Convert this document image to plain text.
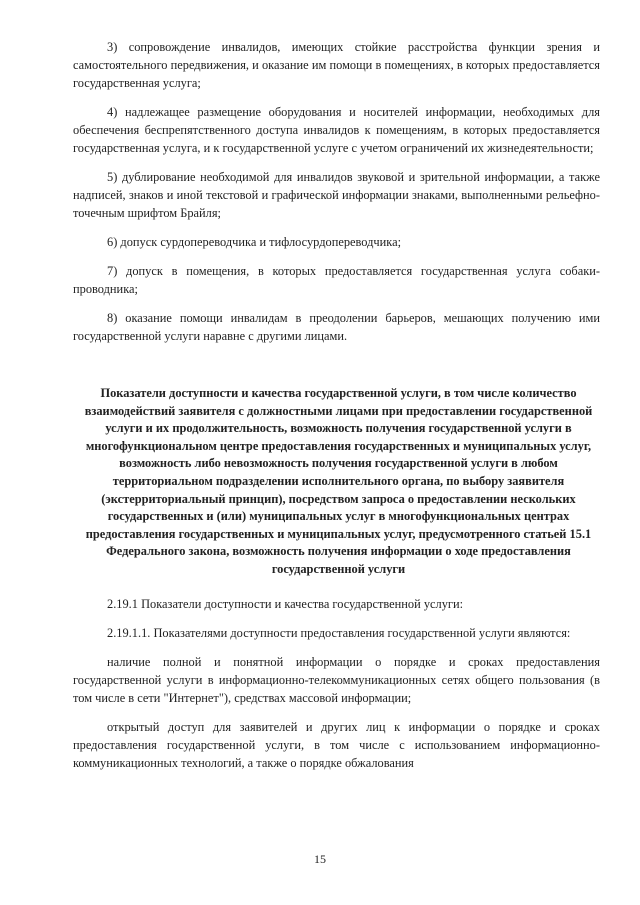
3) сопровождение инвалидов, имеющих стойкие расстройства функции зрения и самостоятельного передвижения, и оказание им помощи в помещениях, в которых предоставляется государственная услуга;

4) надлежащее размещение оборудования и носителей информации, необходимых для обеспечения беспрепятственного доступа инвалидов к помещениям, в которых предоставляется государственная услуга, и к государственной услуге с учетом ограничений их жизнедеятельности;

5) дублирование необходимой для инвалидов звуковой и зрительной информации, а также надписей, знаков и иной текстовой и графической информации знаками, выполненными рельефно-точечным шрифтом Брайля;

6) допуск сурдопереводчика и тифлосурдопереводчика;

7) допуск в помещения, в которых предоставляется государственная услуга собаки-проводника;

8) оказание помощи инвалидам в преодолении барьеров, мешающих получению ими государственной услуги наравне с другими лицами.

Показатели доступности и качества государственной услуги, в том числе количество взаимодействий заявителя с должностными лицами при предоставлении государственной услуги и их продолжительность, возможность получения государственной услуги в многофункциональном центре предоставления государственных и муниципальных услуг, возможность либо невозможность получения государственной услуги в любом территориальном подразделении исполнительного органа, по выбору заявителя (экстерриториальный принцип), посредством запроса о предоставлении нескольких государственных и (или) муниципальных услуг в многофункциональных центрах предоставления государственных и муниципальных услуг, предусмотренного статьей 15.1 Федерального закона, возможность получения информации о ходе предоставления государственной услуги

2.19.1 Показатели доступности и качества государственной услуги:

2.19.1.1. Показателями доступности предоставления государственной услуги являются:

наличие полной и понятной информации о порядке и сроках предоставления государственной услуги в информационно-телекоммуникационных сетях общего пользования (в том числе в сети "Интернет"), средствах массовой информации;

открытый доступ для заявителей и других лиц к информации о порядке и сроках предоставления государственной услуги, в том числе с использованием информационно-коммуникационных технологий, а также о порядке обжалования

15
